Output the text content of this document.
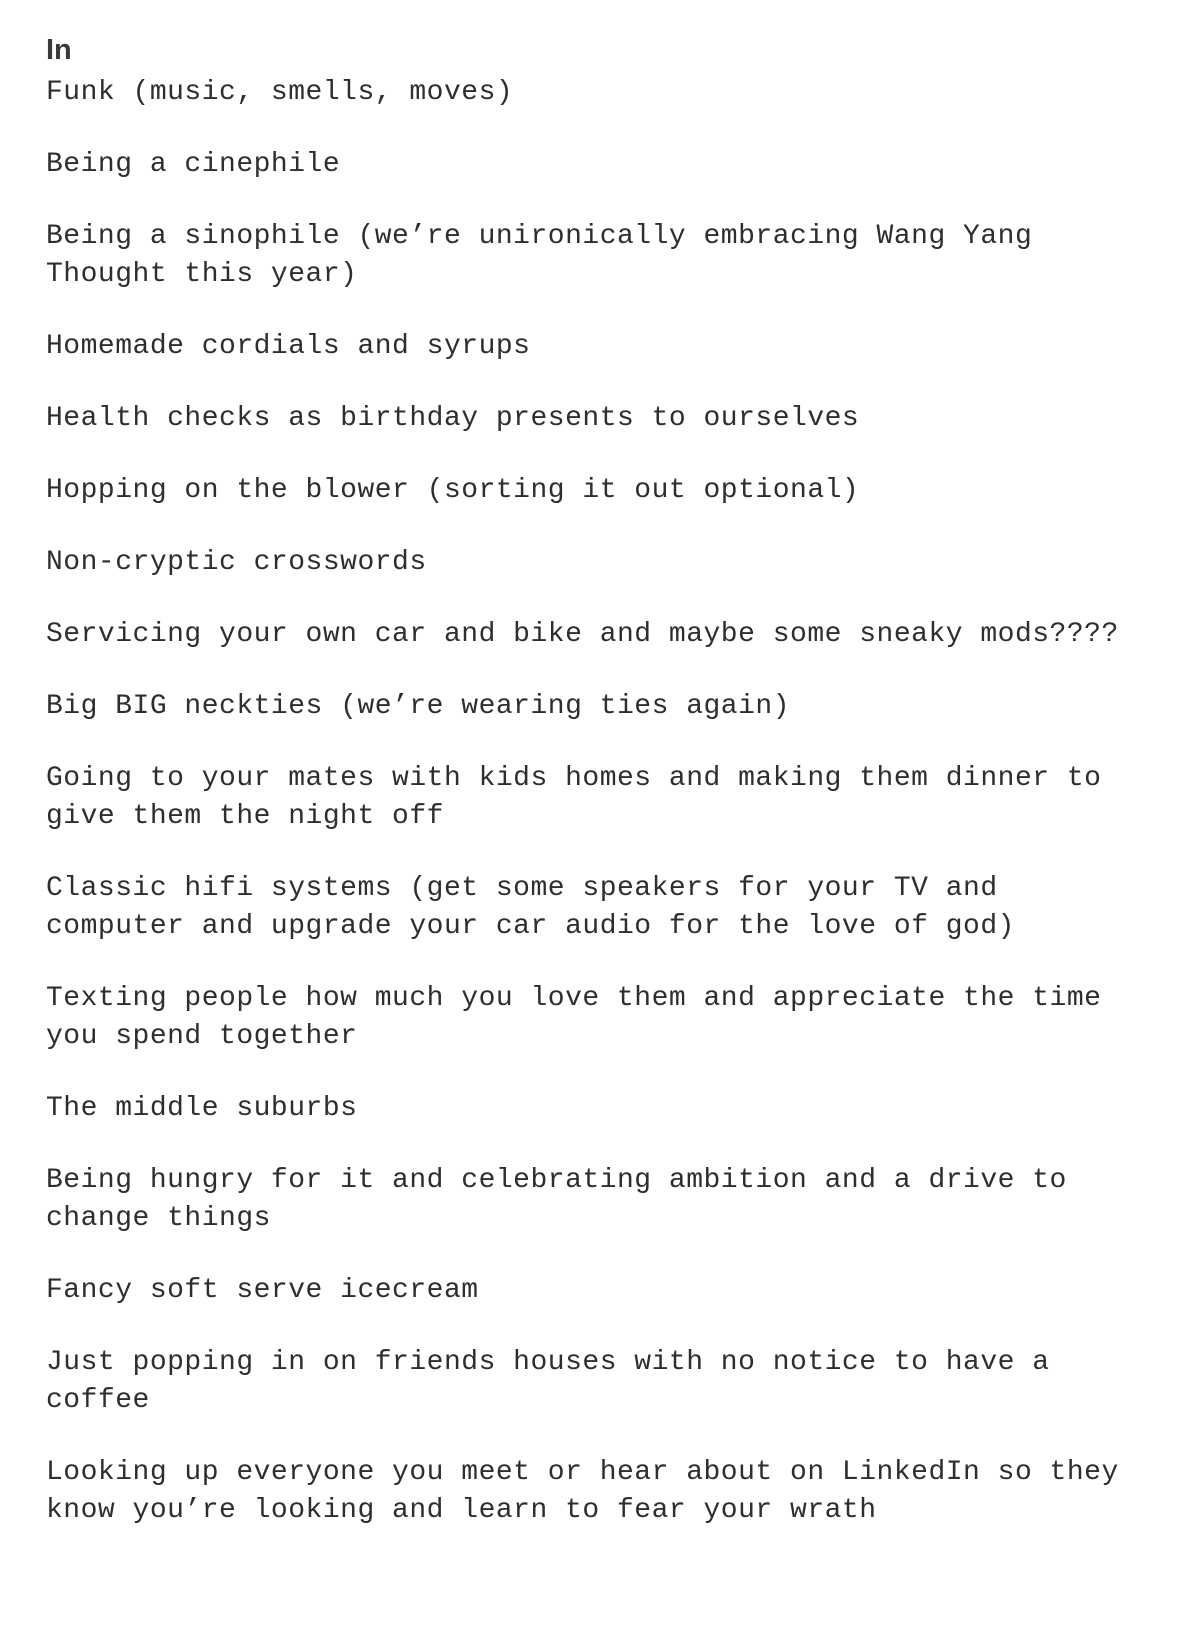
In
Funk (music, smells, moves)
Being a cinephile
Being a sinophile (we’re unironically embracing Wang Yang
Thought this year)
Homemade cordials and syrups
Health checks as birthday presents to ourselves
Hopping on the blower (sorting it out optional)
Non-cryptic crosswords
Servicing your own car and bike and maybe some sneaky mods????
Big BIG neckties (we’re wearing ties again)
Going to your mates with kids homes and making them dinner to
give them the night off
Classic hifi systems (get some speakers for your TV and
computer and upgrade your car audio for the love of god)
Texting people how much you love them and appreciate the time
you spend together
The middle suburbs
Being hungry for it and celebrating ambition and a drive to
change things
Fancy soft serve icecream
Just popping in on friends houses with no notice to have a
coffee
Looking up everyone you meet or hear about on LinkedIn so they
know you’re looking and learn to fear your wrath
